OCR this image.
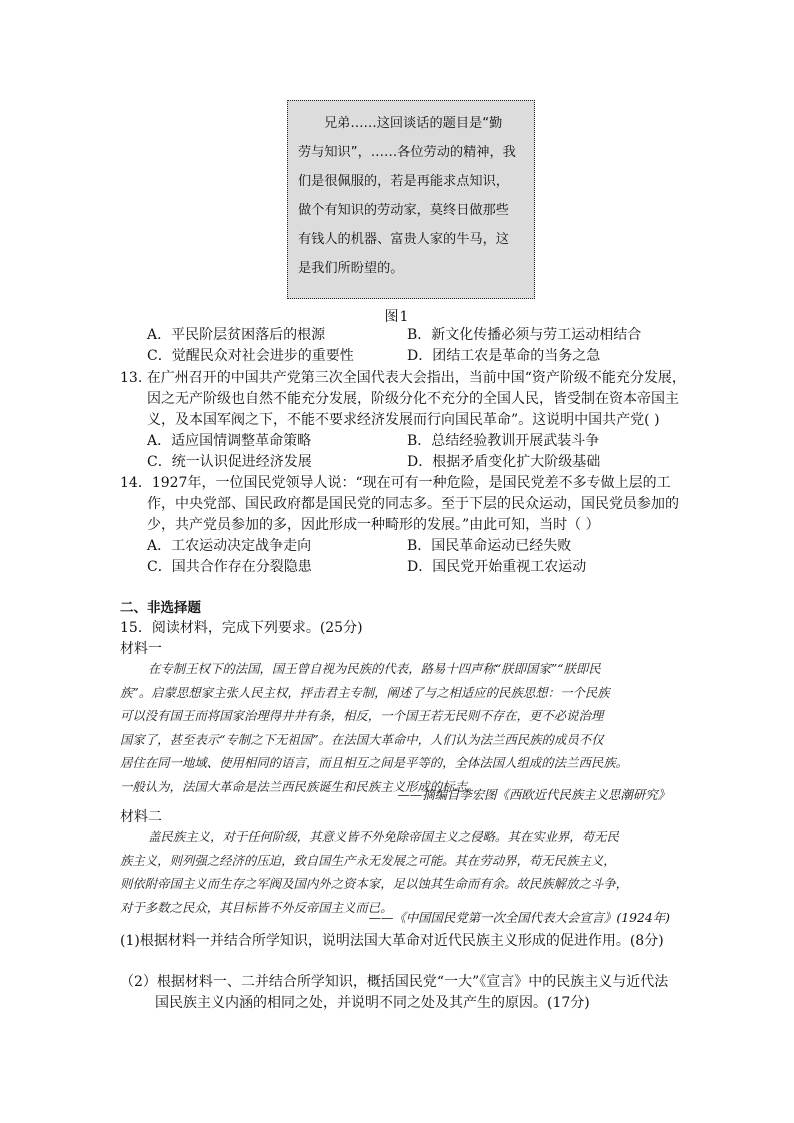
兄弟……这回谈话的题目是“勤
劳与知识”，……各位劳动的精神，我
们是很佩服的，若是再能求点知识，
做个有知识的劳动家，莫终日做那些
有钱人的机器、富贵人家的牛马，这
是我们所盼望的。
图1
A．平民阶层贫困落后的根源	B．新文化传播必须与劳工运动相结合
C．觉醒民众对社会进步的重要性	D．团结工农是革命的当务之急
13. 在广州召开的中国共产党第三次全国代表大会指出，当前中国“资产阶级不能充分发展，
因之无产阶级也自然不能充分发展，阶级分化不充分的全国人民，皆受制在资本帝国主
义，及本国军阀之下，不能不要求经济发展而行向国民革命”。这说明中国共产党( )
A．适应国情调整革命策略	B．总结经验教训开展武装斗争
C．统一认识促进经济发展	D．根据矛盾变化扩大阶级基础
14．1927年，一位国民党领导人说：“现在可有一种危险，是国民党差不多专做上层的工
作，中央党部、国民政府都是国民党的同志多。至于下层的民众运动，国民党员参加的
少，共产党员参加的多，因此形成一种畸形的发展。”由此可知，当时（ ）
A．工农运动决定战争走向	B．国民革命运动已经失败
C．国共合作存在分裂隐患	D．国民党开始重视工农运动
二、非选择题
15．阅读材料，完成下列要求。(25分)
材料一
在专制王权下的法国，国王曾自视为民族的代表，路易十四声称“朕即国家”“朕即民
族”。启蒙思想家主张人民主权，抨击君主专制，阐述了与之相适应的民族思想：一个民族
可以没有国王而将国家治理得井井有条，相反，一个国王若无民则不存在，更不必说治理
国家了，甚至表示“专制之下无祖国”。在法国大革命中，人们认为法兰西民族的成员不仅
居住在同一地域、使用相同的语言，而且相互之间是平等的，全体法国人组成的法兰西民族。
一般认为，法国大革命是法兰西民族诞生和民族主义形成的标志。
——摘编自李宏图《西欧近代民族主义思潮研究》
材料二
盖民族主义，对于任何阶级，其意义皆不外免除帝国主义之侵略。其在实业界，苟无民
族主义，则列强之经济的压迫，致自国生产永无发展之可能。其在劳动界，苟无民族主义，
则依附帝国主义而生存之军阀及国内外之资本家，足以蚀其生命而有余。故民族解放之斗争，
对于多数之民众，其目标皆不外反帝国主义而已。
——《中国国民党第一次全国代表大会宣言》(1924年)
(1)根据材料一并结合所学知识，说明法国大革命对近代民族主义形成的促进作用。(8分)
（2）根据材料一、二并结合所学知识，概括国民党“一大”《宣言》中的民族主义与近代法
国民族主义内涵的相同之处，并说明不同之处及其产生的原因。(17分)
